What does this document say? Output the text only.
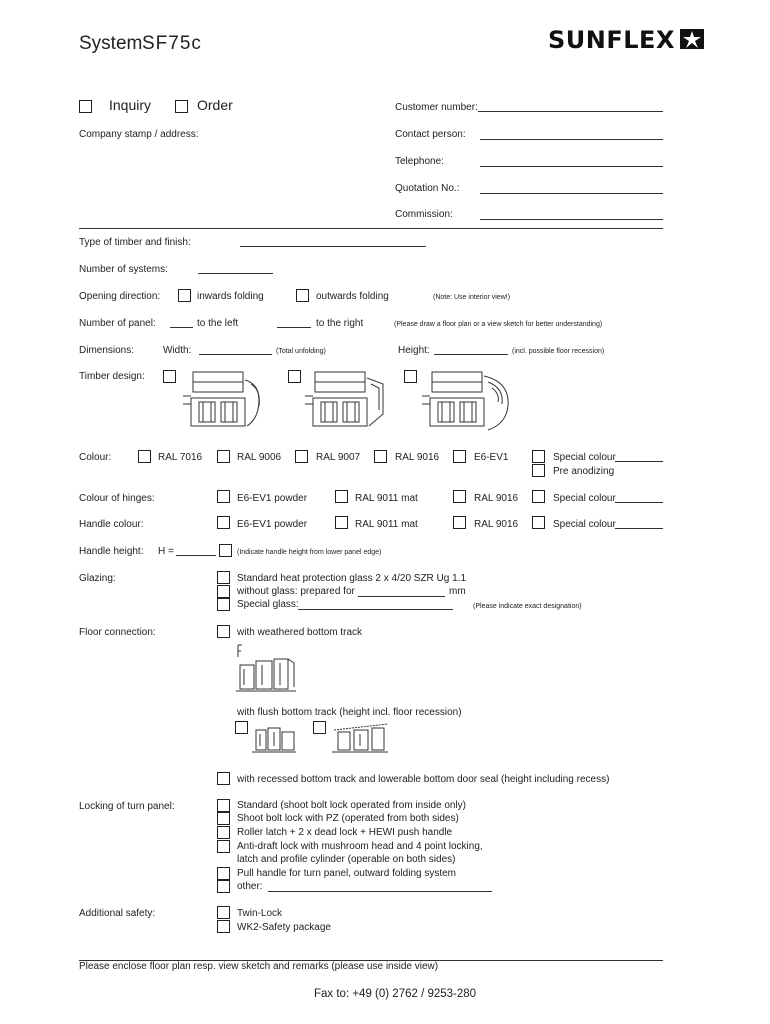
System SF75c	SUNFLEX
Inquiry	Order
Company stamp / address:
Customer number:
Contact person:
Telephone:
Quotation No.:
Commission:
Type of timber and finish:
Number of systems:
Opening direction:	inwards folding	outwards folding	(Note: Use interior view!)
Number of panel:	to the left	to the right	(Please draw a floor plan or a view sketch for better understanding)
Dimensions:	Width:	(Total unfolding)	Height:	(incl. possible floor recession)
Timber design:
Colour:	RAL 7016	RAL 9006	RAL 9007	RAL 9016	E6-EV1	Special colour
Pre anodizing
Colour of hinges:	E6-EV1 powder	RAL 9011 mat	RAL 9016	Special colour
Handle colour:	E6-EV1 powder	RAL 9011 mat	RAL 9016	Special colour
Handle height: H =	(Indicate handle height from lower panel edge)
Glazing:	Standard heat protection glass 2 x 4/20 SZR Ug 1.1
without glass: prepared for	mm
Special glass:	(Please indicate exact designation)
Floor connection:	with weathered bottom track
with flush bottom track (height incl. floor recession)
with recessed bottom track and lowerable bottom door seal (height including recess)
Locking of turn panel:	Standard (shoot bolt lock operated from inside only)
Shoot bolt lock with PZ (operated from both sides)
Roller latch + 2 x dead lock + HEWI push handle
Anti-draft lock with mushroom head and 4 point locking,
latch and profile cylinder (operable on both sides)
Pull handle for turn panel, outward folding system
other:
Additional safety:	Twin-Lock
WK2-Safety package
Please enclose floor plan resp. view sketch and remarks (please use inside view)
Fax to: +49 (0) 2762 / 9253-280
